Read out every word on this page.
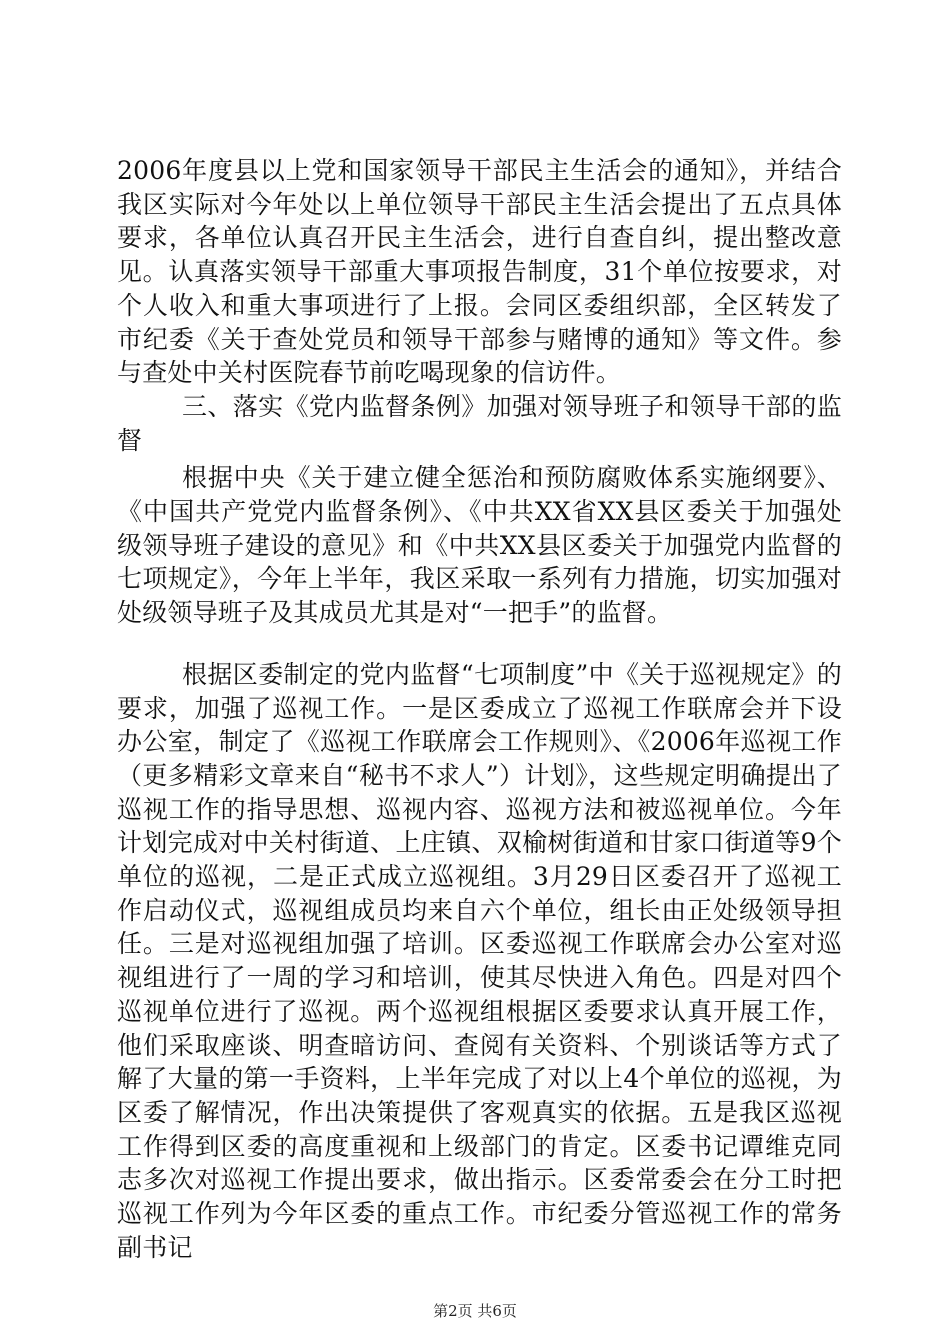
2006年度县以上党和国家领导干部民主生活会的通知》，并结合我区实际对今年处以上单位领导干部民主生活会提出了五点具体要求，各单位认真召开民主生活会，进行自查自纠，提出整改意见。认真落实领导干部重大事项报告制度，31个单位按要求，对个人收入和重大事项进行了上报。会同区委组织部，全区转发了市纪委《关于查处党员和领导干部参与赌博的通知》等文件。参与查处中关村医院春节前吃喝现象的信访件。

三、落实《党内监督条例》加强对领导班子和领导干部的监督

根据中央《关于建立健全惩治和预防腐败体系实施纲要》、《中国共产党党内监督条例》、《中共XX省XX县区委关于加强处级领导班子建设的意见》和《中共XX县区委关于加强党内监督的七项规定》，今年上半年，我区采取一系列有力措施，切实加强对处级领导班子及其成员尤其是对“一把手”的监督。

根据区委制定的党内监督“七项制度”中《关于巡视规定》的要求，加强了巡视工作。一是区委成立了巡视工作联席会并下设办公室，制定了《巡视工作联席会工作规则》、《2006年巡视工作（更多精彩文章来自“秘书不求人”）计划》，这些规定明确提出了巡视工作的指导思想、巡视内容、巡视方法和被巡视单位。今年计划完成对中关村街道、上庄镇、双榆树街道和甘家口街道等9个单位的巡视，二是正式成立巡视组。3月29日区委召开了巡视工作启动仪式，巡视组成员均来自六个单位，组长由正处级领导担任。三是对巡视组加强了培训。区委巡视工作联席会办公室对巡视组进行了一周的学习和培训，使其尽快进入角色。四是对四个巡视单位进行了巡视。两个巡视组根据区委要求认真开展工作，他们采取座谈、明查暗访问、查阅有关资料、个别谈话等方式了解了大量的第一手资料，上半年完成了对以上4个单位的巡视，为区委了解情况，作出决策提供了客观真实的依据。五是我区巡视工作得到区委的高度重视和上级部门的肯定。区委书记谭维克同志多次对巡视工作提出要求，做出指示。区委常委会在分工时把巡视工作列为今年区委的重点工作。市纪委分管巡视工作的常务副书记

第2页 共6页
